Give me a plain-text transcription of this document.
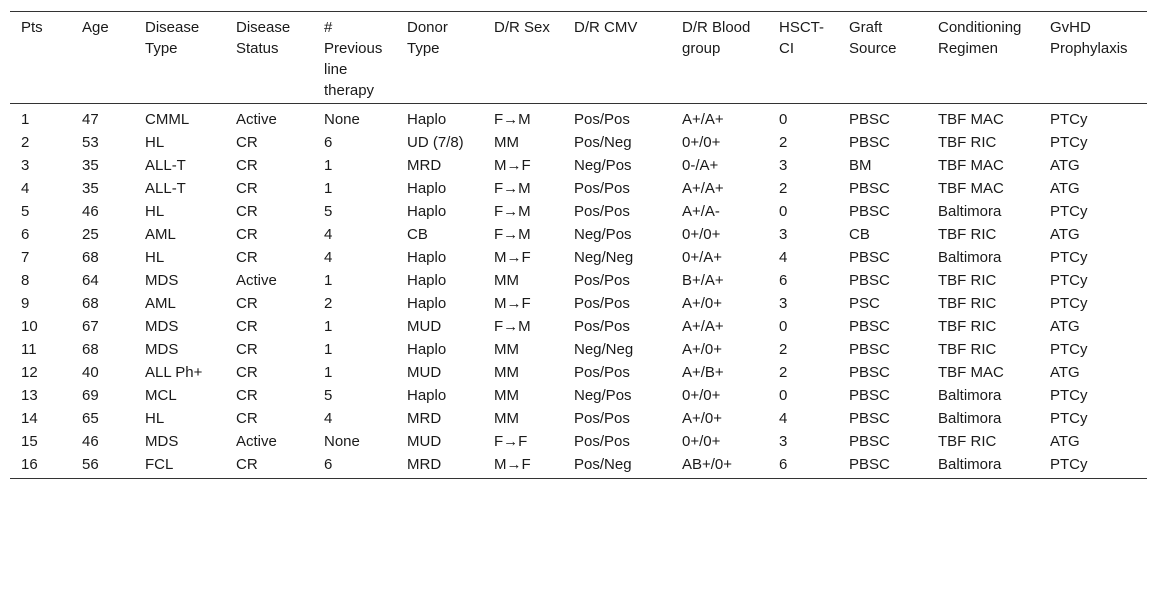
Pts	Age	Disease Type	Disease Status	# Previous line therapy	Donor Type	D/R Sex	D/R CMV	D/R Blood group	HSCT-CI	Graft Source	Conditioning Regimen	GvHD Prophylaxis
1	47	CMML	Active	None	Haplo	F→M	Pos/Pos	A+/A+	0	PBSC	TBF MAC	PTCy
2	53	HL	CR	6	UD (7/8)	MM	Pos/Neg	0+/0+	2	PBSC	TBF RIC	PTCy
3	35	ALL-T	CR	1	MRD	M→F	Neg/Pos	0-/A+	3	BM	TBF MAC	ATG
4	35	ALL-T	CR	1	Haplo	F→M	Pos/Pos	A+/A+	2	PBSC	TBF MAC	ATG
5	46	HL	CR	5	Haplo	F→M	Pos/Pos	A+/A-	0	PBSC	Baltimora	PTCy
6	25	AML	CR	4	CB	F→M	Neg/Pos	0+/0+	3	CB	TBF RIC	ATG
7	68	HL	CR	4	Haplo	M→F	Neg/Neg	0+/A+	4	PBSC	Baltimora	PTCy
8	64	MDS	Active	1	Haplo	MM	Pos/Pos	B+/A+	6	PBSC	TBF RIC	PTCy
9	68	AML	CR	2	Haplo	M→F	Pos/Pos	A+/0+	3	PSC	TBF RIC	PTCy
10	67	MDS	CR	1	MUD	F→M	Pos/Pos	A+/A+	0	PBSC	TBF RIC	ATG
11	68	MDS	CR	1	Haplo	MM	Neg/Neg	A+/0+	2	PBSC	TBF RIC	PTCy
12	40	ALL Ph+	CR	1	MUD	MM	Pos/Pos	A+/B+	2	PBSC	TBF MAC	ATG
13	69	MCL	CR	5	Haplo	MM	Neg/Pos	0+/0+	0	PBSC	Baltimora	PTCy
14	65	HL	CR	4	MRD	MM	Pos/Pos	A+/0+	4	PBSC	Baltimora	PTCy
15	46	MDS	Active	None	MUD	F→F	Pos/Pos	0+/0+	3	PBSC	TBF RIC	ATG
16	56	FCL	CR	6	MRD	M→F	Pos/Neg	AB+/0+	6	PBSC	Baltimora	PTCy
